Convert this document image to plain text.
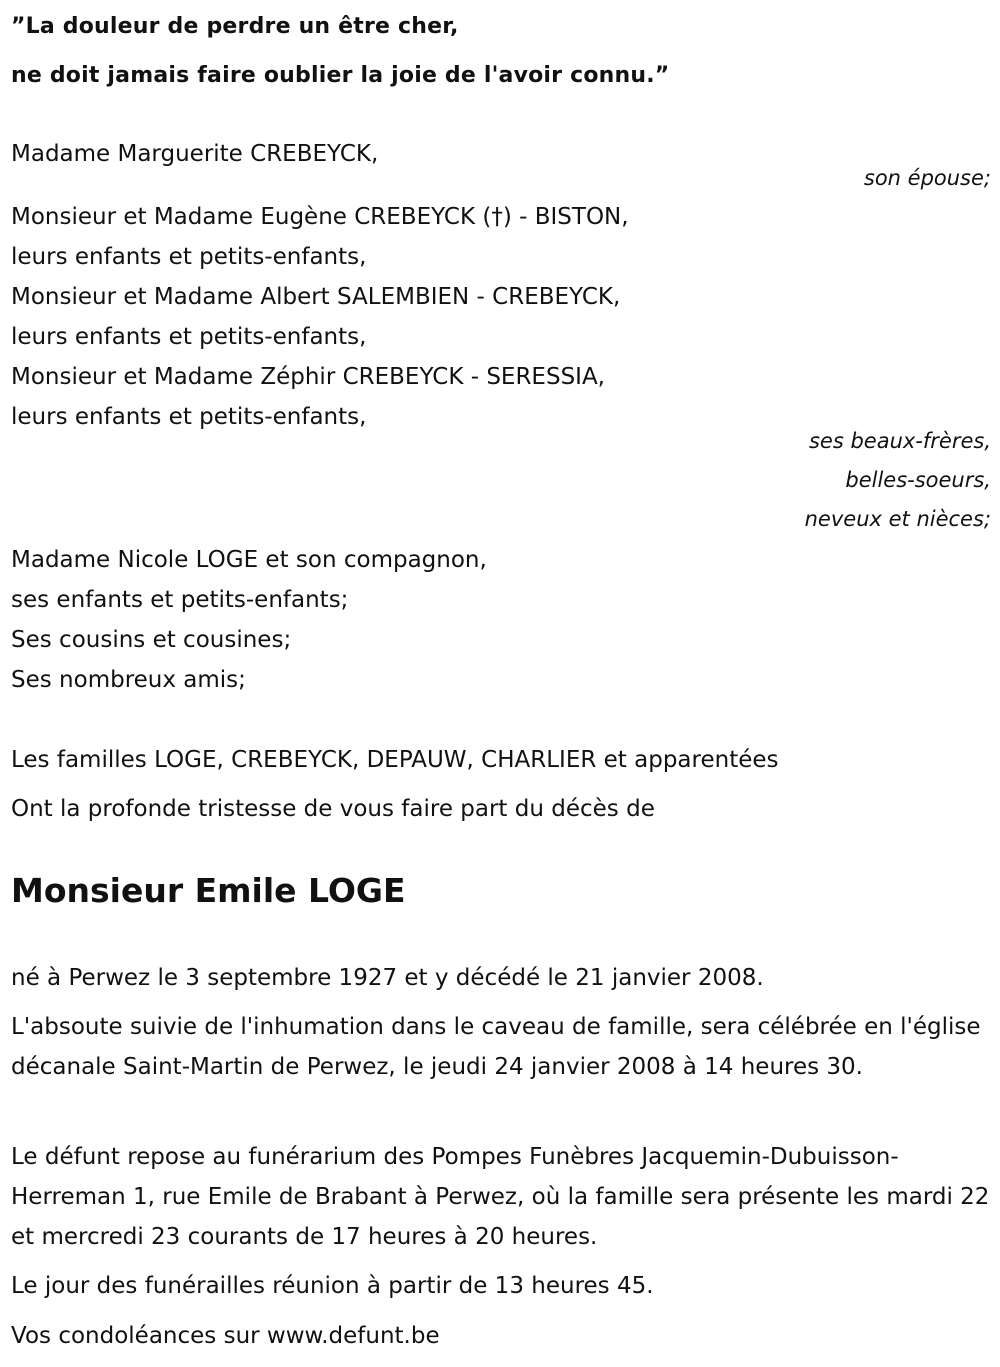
”La douleur de perdre un être cher,
ne doit jamais faire oublier la joie de l'avoir connu.”
Madame Marguerite CREBEYCK,
son épouse;
Monsieur et Madame Eugène CREBEYCK (†) - BISTON,
leurs enfants et petits-enfants,
Monsieur et Madame Albert SALEMBIEN - CREBEYCK,
leurs enfants et petits-enfants,
Monsieur et Madame Zéphir CREBEYCK - SERESSIA,
leurs enfants et petits-enfants,
ses beaux-frères,
belles-soeurs,
neveux et nièces;
Madame Nicole LOGE et son compagnon,
ses enfants et petits-enfants;
Ses cousins et cousines;
Ses nombreux amis;
Les familles LOGE, CREBEYCK, DEPAUW, CHARLIER et apparentées
Ont la profonde tristesse de vous faire part du décès de
Monsieur Emile LOGE
né à Perwez le 3 septembre 1927 et y décédé le 21 janvier 2008.
L'absoute suivie de l'inhumation dans le caveau de famille, sera célébrée en l'église décanale Saint-Martin de Perwez, le jeudi 24 janvier 2008 à 14 heures 30.
Le défunt repose au funérarium des Pompes Funèbres Jacquemin-Dubuisson-Herreman 1, rue Emile de Brabant à Perwez, où la famille sera présente les mardi 22 et mercredi 23 courants de 17 heures à 20 heures.
Le jour des funérailles réunion à partir de 13 heures 45.
Vos condoléances sur www.defunt.be
